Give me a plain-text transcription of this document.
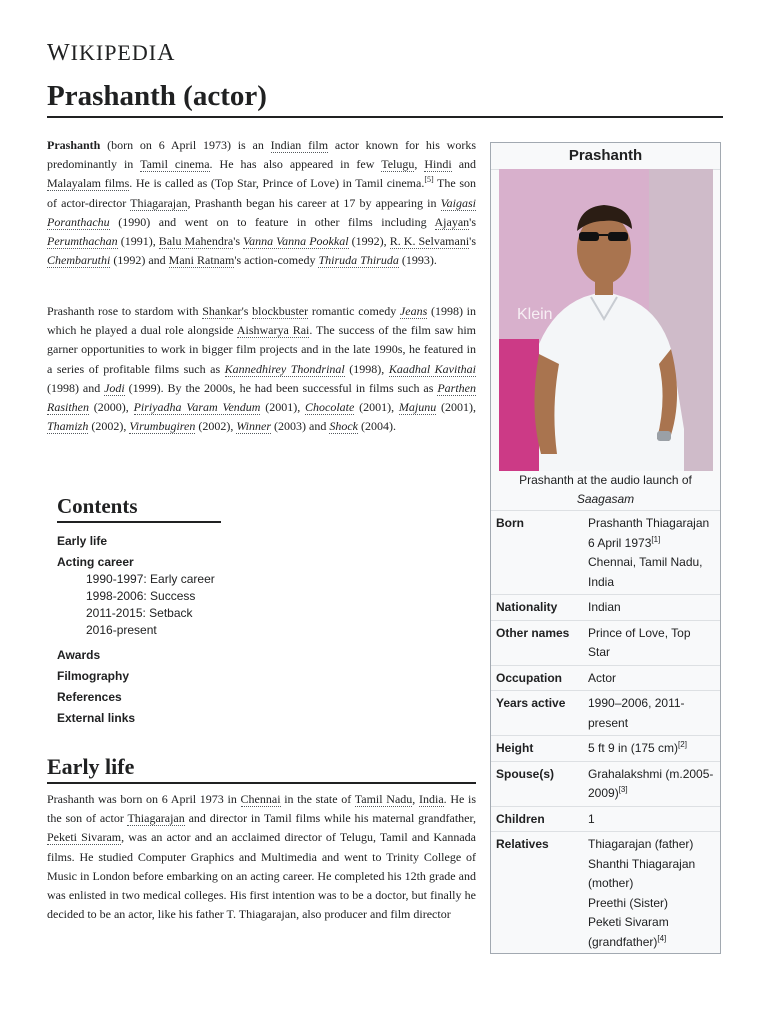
WIKIPEDIA
Prashanth (actor)

Prashanth (born on 6 April 1973) is an Indian film actor known for his works predominantly in Tamil cinema. He has also appeared in few Telugu, Hindi and Malayalam films. He is called as (Top Star, Prince of Love) in Tamil cinema.[5] The son of actor-director Thiagarajan, Prashanth began his career at 17 by appearing in Vaigasi Poranthachu (1990) and went on to feature in other films including Ajayan's Perumthachan (1991), Balu Mahendra's Vanna Vanna Pookkal (1992), R. K. Selvamani's Chembaruthi (1992) and Mani Ratnam's action-comedy Thiruda Thiruda (1993).

Prashanth rose to stardom with Shankar's blockbuster romantic comedy Jeans (1998) in which he played a dual role alongside Aishwarya Rai. The success of the film saw him garner opportunities to work in bigger film projects and in the late 1990s, he featured in a series of profitable films such as Kannedhirey Thondrinal (1998), Kaadhal Kavithai (1998) and Jodi (1999). By the 2000s, he had been successful in films such as Parthen Rasithen (2000), Piriyadha Varam Vendum (2001), Chocolate (2001), Majunu (2001), Thamizh (2002), Virumbugiren (2002), Winner (2003) and Shock (2004).

Contents
Early life
Acting career
1990-1997: Early career
1998-2006: Success
2011-2015: Setback
2016-present
Awards
Filmography
References
External links
Early life

Prashanth was born on 6 April 1973 in Chennai in the state of Tamil Nadu, India. He is the son of actor Thiagarajan and director in Tamil films while his maternal grandfather, Peketi Sivaram, was an actor and an acclaimed director of Telugu, Tamil and Kannada films. He studied Computer Graphics and Multimedia and went to Trinity College of Music in London before embarking on an acting career. He completed his 12th grade and was enlisted in two medical colleges. His first intention was to be a doctor, but finally he decided to be an actor, like his father T. Thiagarajan, also producer and film director

Prashanth
Klein
Prashanth at the audio launch of
Saagasam
Born	Prashanth Thiagarajan
6 April 1973[1]
Chennai, Tamil Nadu, India
Nationality	Indian
Other names	Prince of Love, Top Star
Occupation	Actor
Years active	1990–2006, 2011-present
Height	5 ft 9 in (175 cm)[2]
Spouse(s)	Grahalakshmi (m.2005-2009)[3]
Children	1
Relatives	Thiagarajan (father)
Shanthi Thiagarajan (mother)
Preethi (Sister)
Peketi Sivaram (grandfather)[4]
